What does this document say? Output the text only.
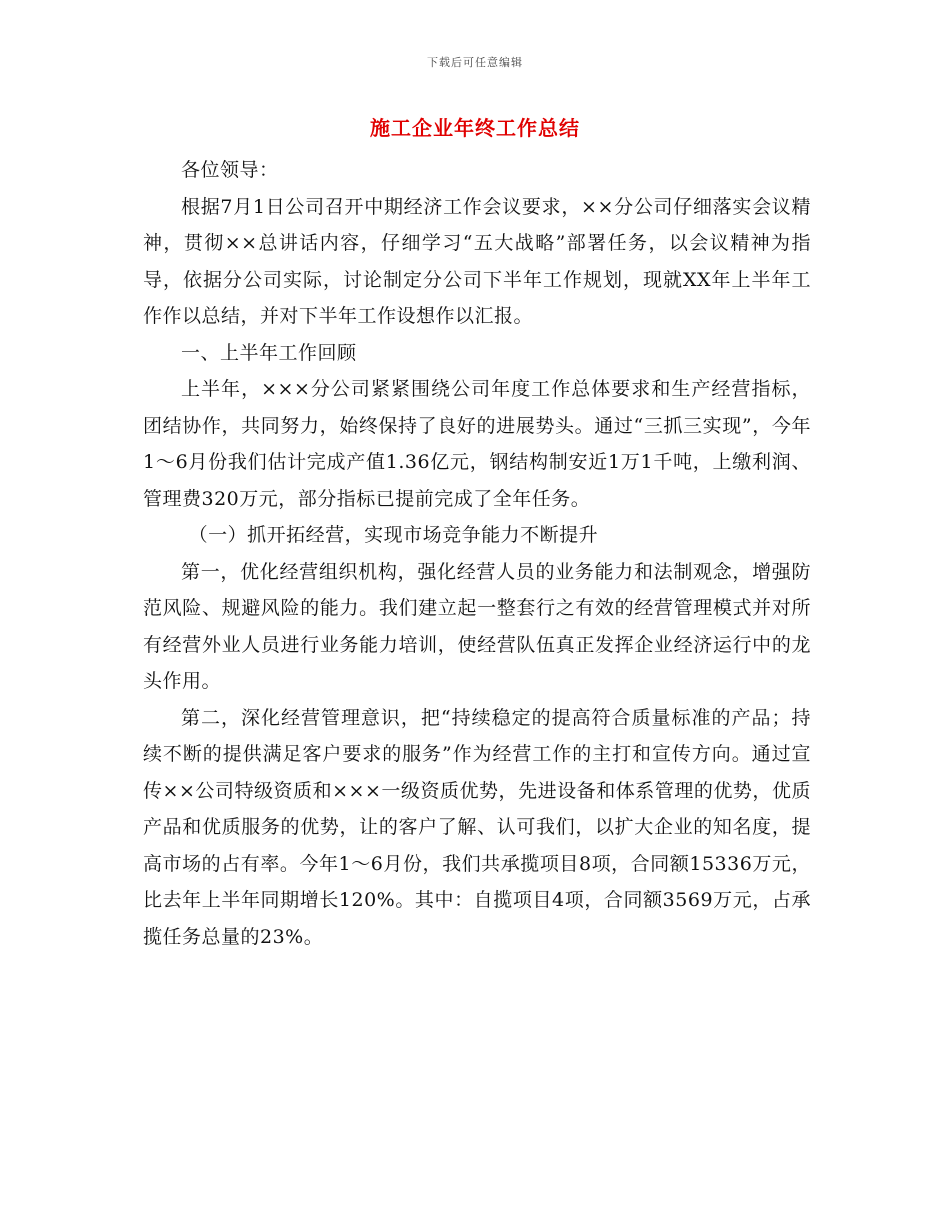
下载后可任意编辑
施工企业年终工作总结

各位领导：

根据7月1日公司召开中期经济工作会议要求，××分公司仔细落实会议精神，贯彻××总讲话内容，仔细学习“五大战略”部署任务，以会议精神为指导，依据分公司实际，讨论制定分公司下半年工作规划，现就XX年上半年工作作以总结，并对下半年工作设想作以汇报。

一、上半年工作回顾

上半年，×××分公司紧紧围绕公司年度工作总体要求和生产经营指标，团结协作，共同努力，始终保持了良好的进展势头。通过“三抓三实现”，今年1～6月份我们估计完成产值1.36亿元，钢结构制安近1万1千吨，上缴利润、管理费320万元，部分指标已提前完成了全年任务。

（一）抓开拓经营，实现市场竞争能力不断提升

第一，优化经营组织机构，强化经营人员的业务能力和法制观念，增强防范风险、规避风险的能力。我们建立起一整套行之有效的经营管理模式并对所有经营外业人员进行业务能力培训，使经营队伍真正发挥企业经济运行中的龙头作用。

第二，深化经营管理意识，把“持续稳定的提高符合质量标准的产品；持续不断的提供满足客户要求的服务”作为经营工作的主打和宣传方向。通过宣传××公司特级资质和×××一级资质优势，先进设备和体系管理的优势，优质产品和优质服务的优势，让的客户了解、认可我们，以扩大企业的知名度，提高市场的占有率。今年1～6月份，我们共承揽项目8项，合同额15336万元，比去年上半年同期增长120%。其中：自揽项目4项，合同额3569万元，占承揽任务总量的23%。
